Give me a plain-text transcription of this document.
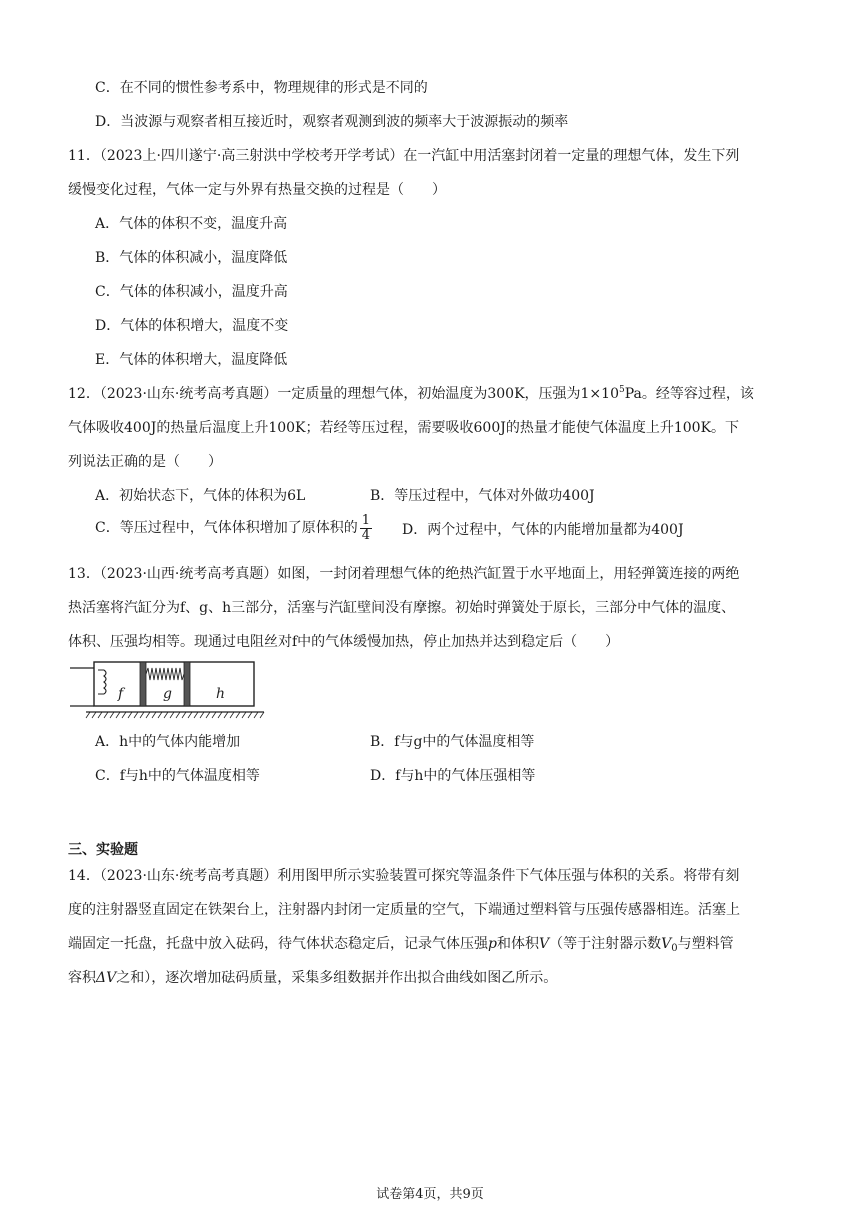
C．在不同的惯性参考系中，物理规律的形式是不同的
D．当波源与观察者相互接近时，观察者观测到波的频率大于波源振动的频率
11．（2023上·四川遂宁·高三射洪中学校考开学考试）在一汽缸中用活塞封闭着一定量的理想气体，发生下列
缓慢变化过程，气体一定与外界有热量交换的过程是（　　）
A．气体的体积不变，温度升高
B．气体的体积减小，温度降低
C．气体的体积减小，温度升高
D．气体的体积增大，温度不变
E．气体的体积增大，温度降低
12．（2023·山东·统考高考真题）一定质量的理想气体，初始温度为300K，压强为$1\times 10^5Pa$。经等容过程，该
气体吸收400J的热量后温度上升100K；若经等压过程，需要吸收600J的热量才能使气体温度上升100K。下
列说法正确的是（　　）
A．初始状态下，气体的体积为6L	B．等压过程中，气体对外做功400J
C．等压过程中，气体体积增加了原体积的 $\frac{1}{4}$ D．两个过程中，气体的内能增加量都为400J
13．（2023·山西·统考高考真题）如图，一封闭着理想气体的绝热汽缸置于水平地面上，用轻弹簧连接的两绝
热活塞将汽缸分为f、g、h三部分，活塞与汽缸壁间没有摩擦。初始时弹簧处于原长，三部分中气体的温度、
体积、压强均相等。现通过电阻丝对f中的气体缓慢加热，停止加热并达到稳定后（　　）
f	g	h
A．h中的气体内能增加	B．f与g中的气体温度相等
C．f与h中的气体温度相等	D．f与h中的气体压强相等
三、实验题
14．（2023·山东·统考高考真题）利用图甲所示实验装置可探究等温条件下气体压强与体积的关系。将带有刻
度的注射器竖直固定在铁架台上，注射器内封闭一定质量的空气，下端通过塑料管与压强传感器相连。活塞上
端固定一托盘，托盘中放入砝码，待气体状态稳定后，记录气体压强p和体积V（等于注射器示数$V_0$与塑料管
容积ΔV之和），逐次增加砝码质量，采集多组数据并作出拟合曲线如图乙所示。
试卷第4页，共9页
